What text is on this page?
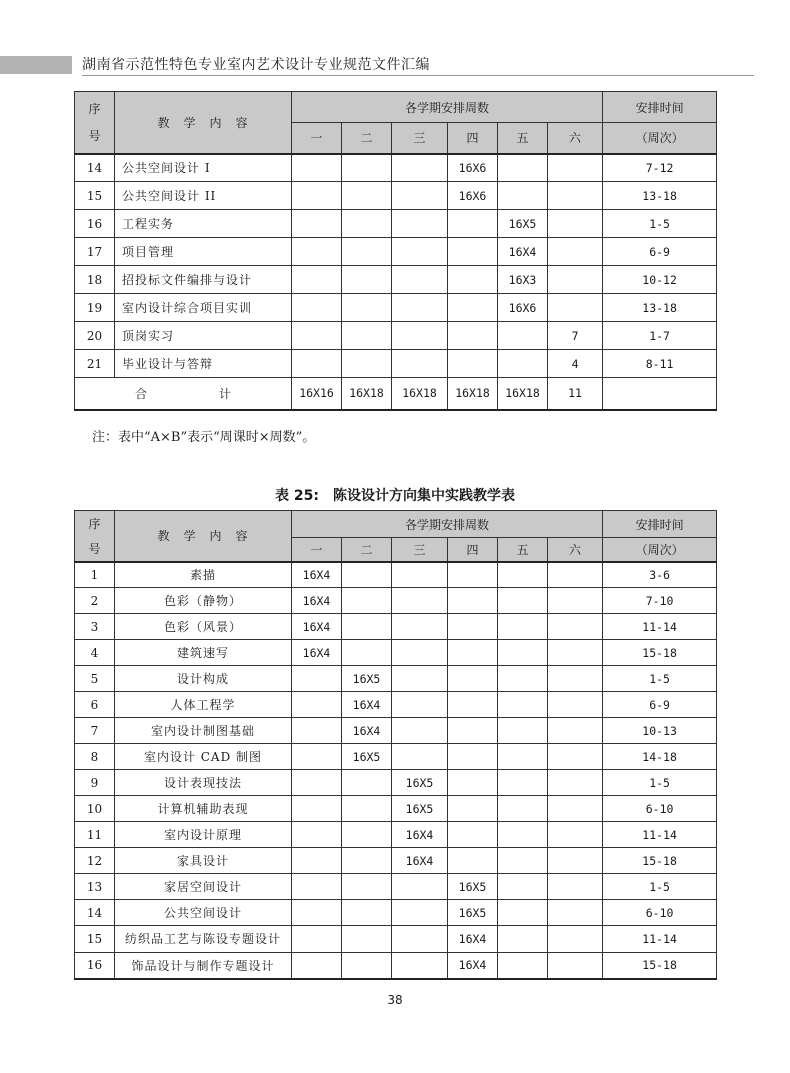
湖南省示范性特色专业室内艺术设计专业规范文件汇编
序
号	教　学　内　容	各学期安排周数						安排时间
		一	二	三	四	五	六	（周次）
14	公共空间设计 I				16X6			7-12
15	公共空间设计 II				16X6			13-18
16	工程实务					16X5		1-5
17	项目管理					16X4		6-9
18	招投标文件编排与设计					16X3		10-12
19	室内设计综合项目实训					16X6		13-18
20	顶岗实习						7	1-7
21	毕业设计与答辩						4	8-11
合　　　　　　计		16X16	16X18	16X18	16X18	16X18	11	
注：表中“A×B”表示“周课时×周数”。
表 25:　陈设设计方向集中实践教学表
序
号	教　学　内　容	各学期安排周数						安排时间
		一	二	三	四	五	六	（周次）
1	素描	16X4						3-6
2	色彩（静物）	16X4						7-10
3	色彩（风景）	16X4						11-14
4	建筑速写	16X4						15-18
5	设计构成		16X5					1-5
6	人体工程学		16X4					6-9
7	室内设计制图基础		16X4					10-13
8	室内设计 CAD 制图		16X5					14-18
9	设计表现技法			16X5				1-5
10	计算机辅助表现			16X5				6-10
11	室内设计原理			16X4				11-14
12	家具设计			16X4				15-18
13	家居空间设计				16X5			1-5
14	公共空间设计				16X5			6-10
15	纺织品工艺与陈设专题设计				16X4			11-14
16	饰品设计与制作专题设计				16X4			15-18
38
